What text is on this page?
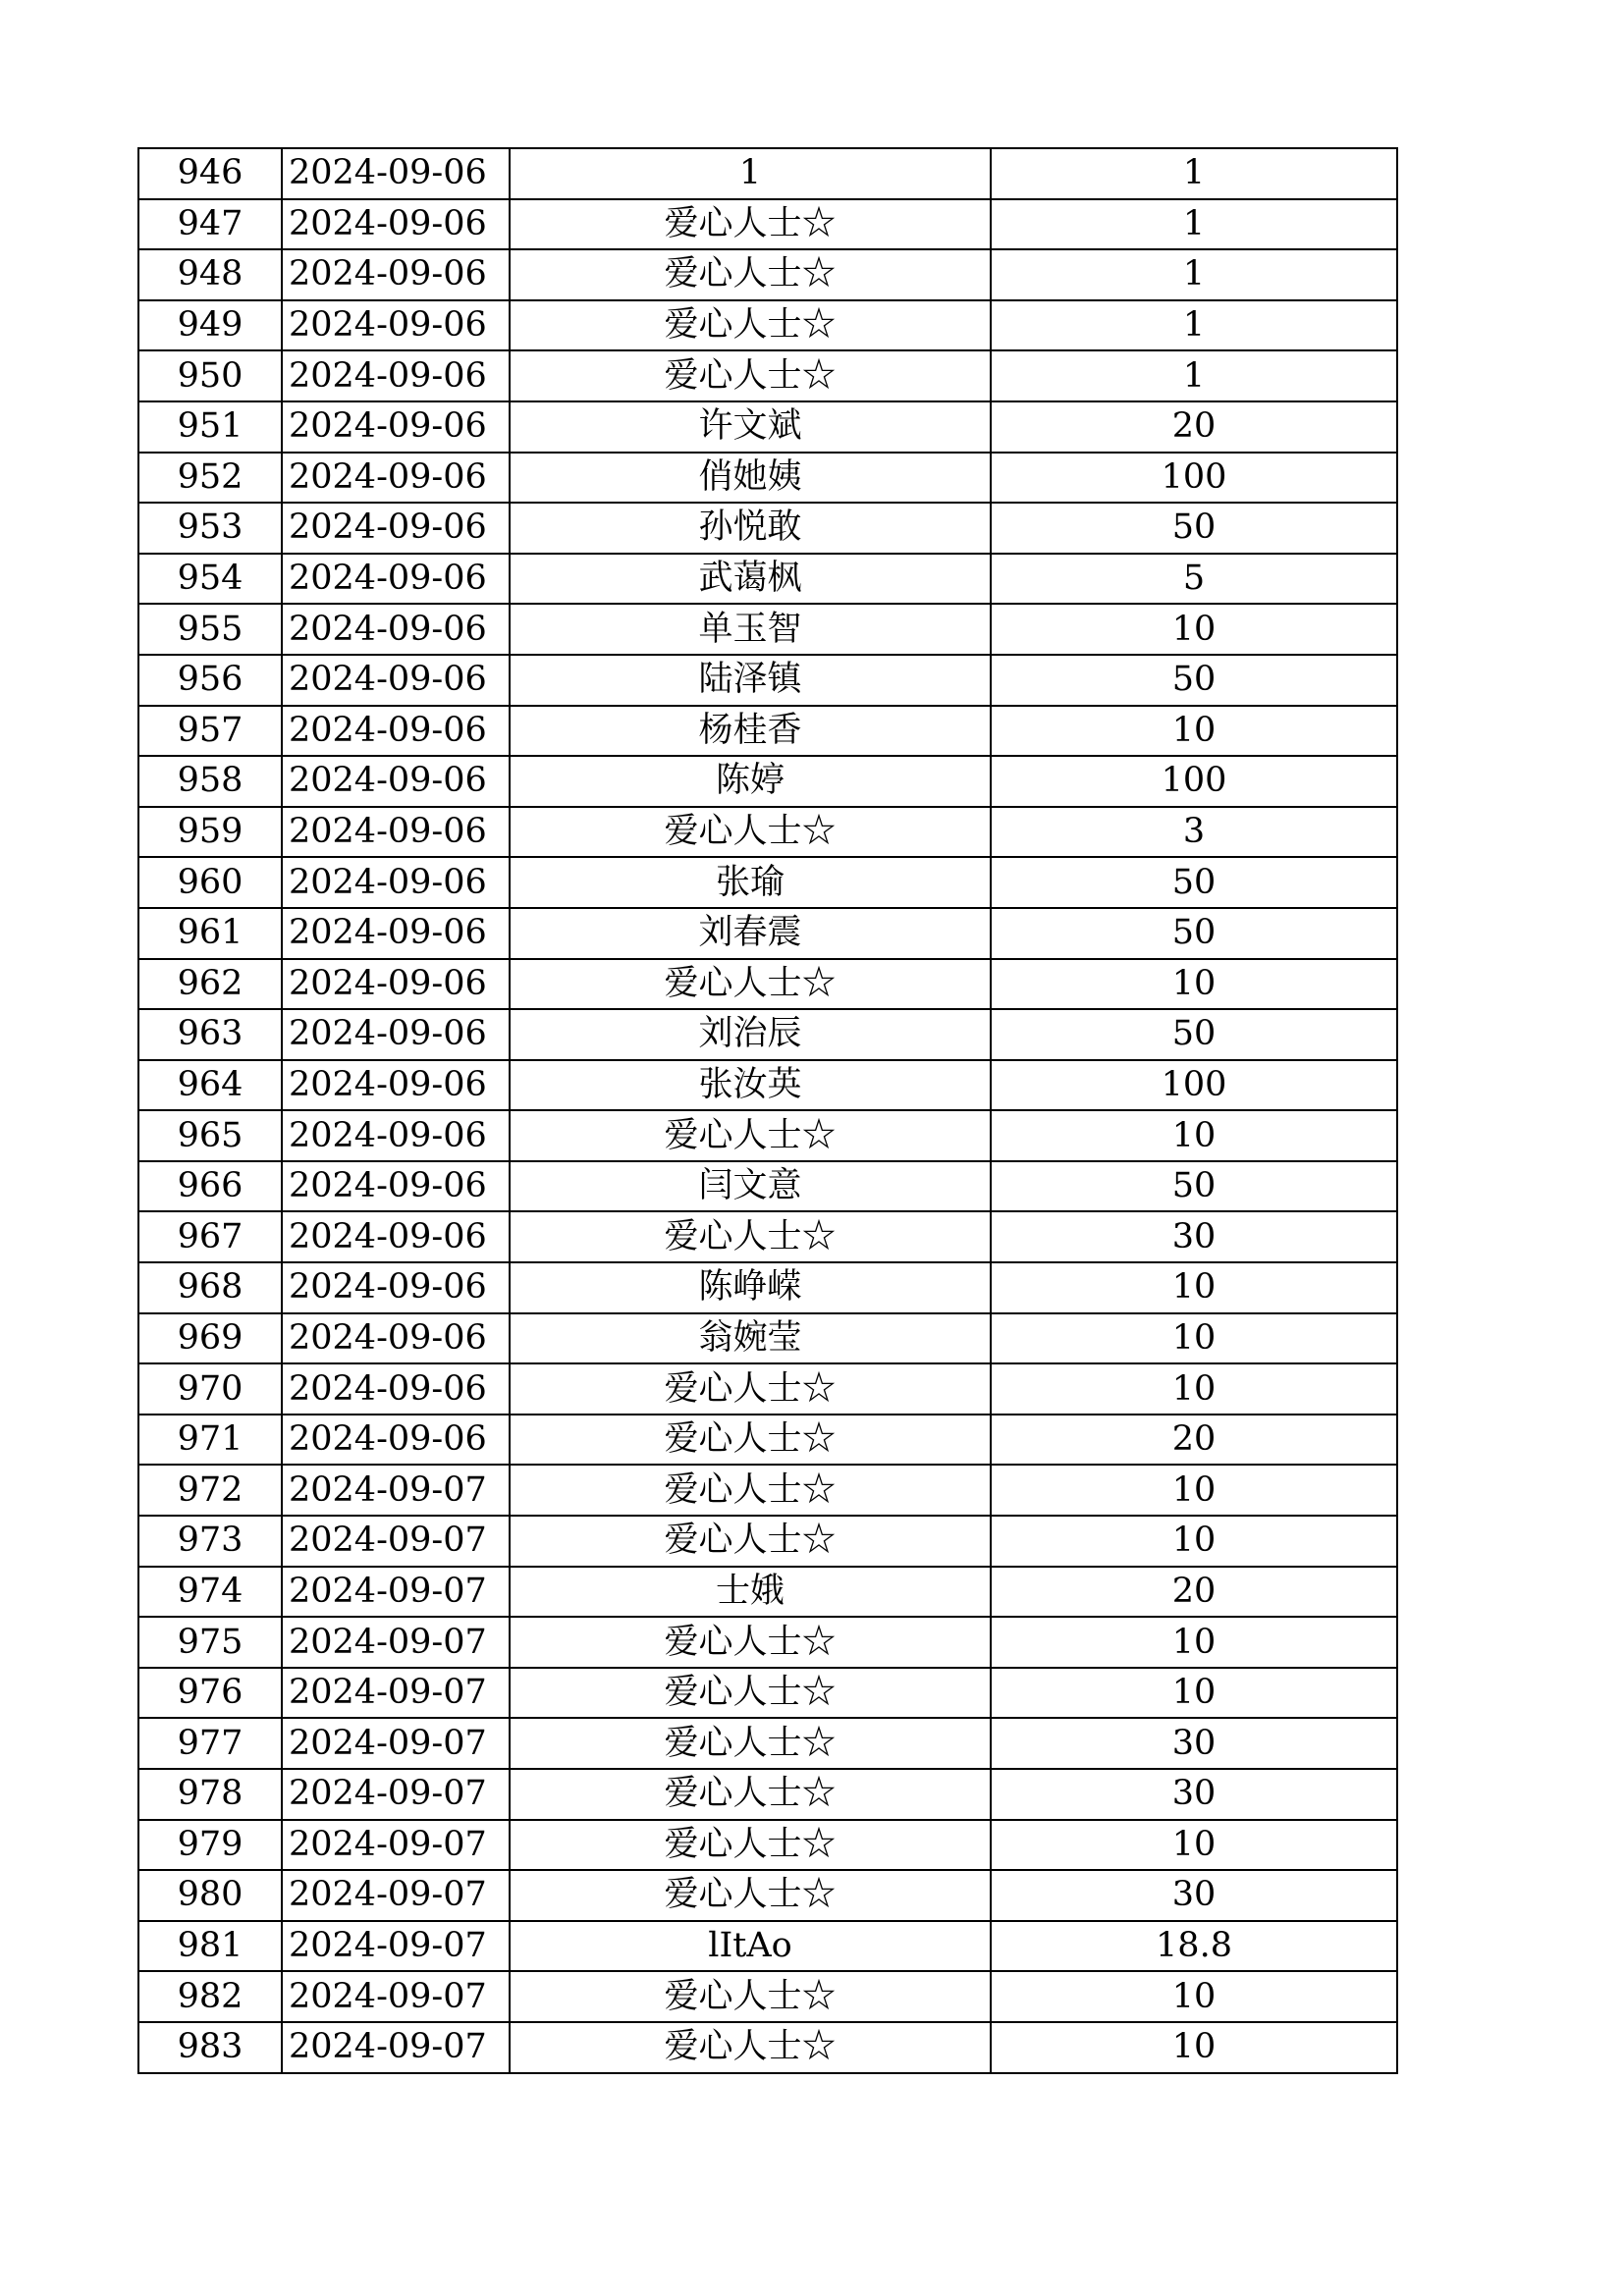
946	2024-09-06	1	1
947	2024-09-06	爱心人士☆	1
948	2024-09-06	爱心人士☆	1
949	2024-09-06	爱心人士☆	1
950	2024-09-06	爱心人士☆	1
951	2024-09-06	许文斌	20
952	2024-09-06	俏她姨	100
953	2024-09-06	孙悦敢	50
954	2024-09-06	武蔼枫	5
955	2024-09-06	单玉智	10
956	2024-09-06	陆泽镇	50
957	2024-09-06	杨桂香	10
958	2024-09-06	陈婷	100
959	2024-09-06	爱心人士☆	3
960	2024-09-06	张瑜	50
961	2024-09-06	刘春震	50
962	2024-09-06	爱心人士☆	10
963	2024-09-06	刘治辰	50
964	2024-09-06	张汝英	100
965	2024-09-06	爱心人士☆	10
966	2024-09-06	闫文意	50
967	2024-09-06	爱心人士☆	30
968	2024-09-06	陈峥嵘	10
969	2024-09-06	翁婉莹	10
970	2024-09-06	爱心人士☆	10
971	2024-09-06	爱心人士☆	20
972	2024-09-07	爱心人士☆	10
973	2024-09-07	爱心人士☆	10
974	2024-09-07	士娥	20
975	2024-09-07	爱心人士☆	10
976	2024-09-07	爱心人士☆	10
977	2024-09-07	爱心人士☆	30
978	2024-09-07	爱心人士☆	30
979	2024-09-07	爱心人士☆	10
980	2024-09-07	爱心人士☆	30
981	2024-09-07	lItAo	18.8
982	2024-09-07	爱心人士☆	10
983	2024-09-07	爱心人士☆	10
